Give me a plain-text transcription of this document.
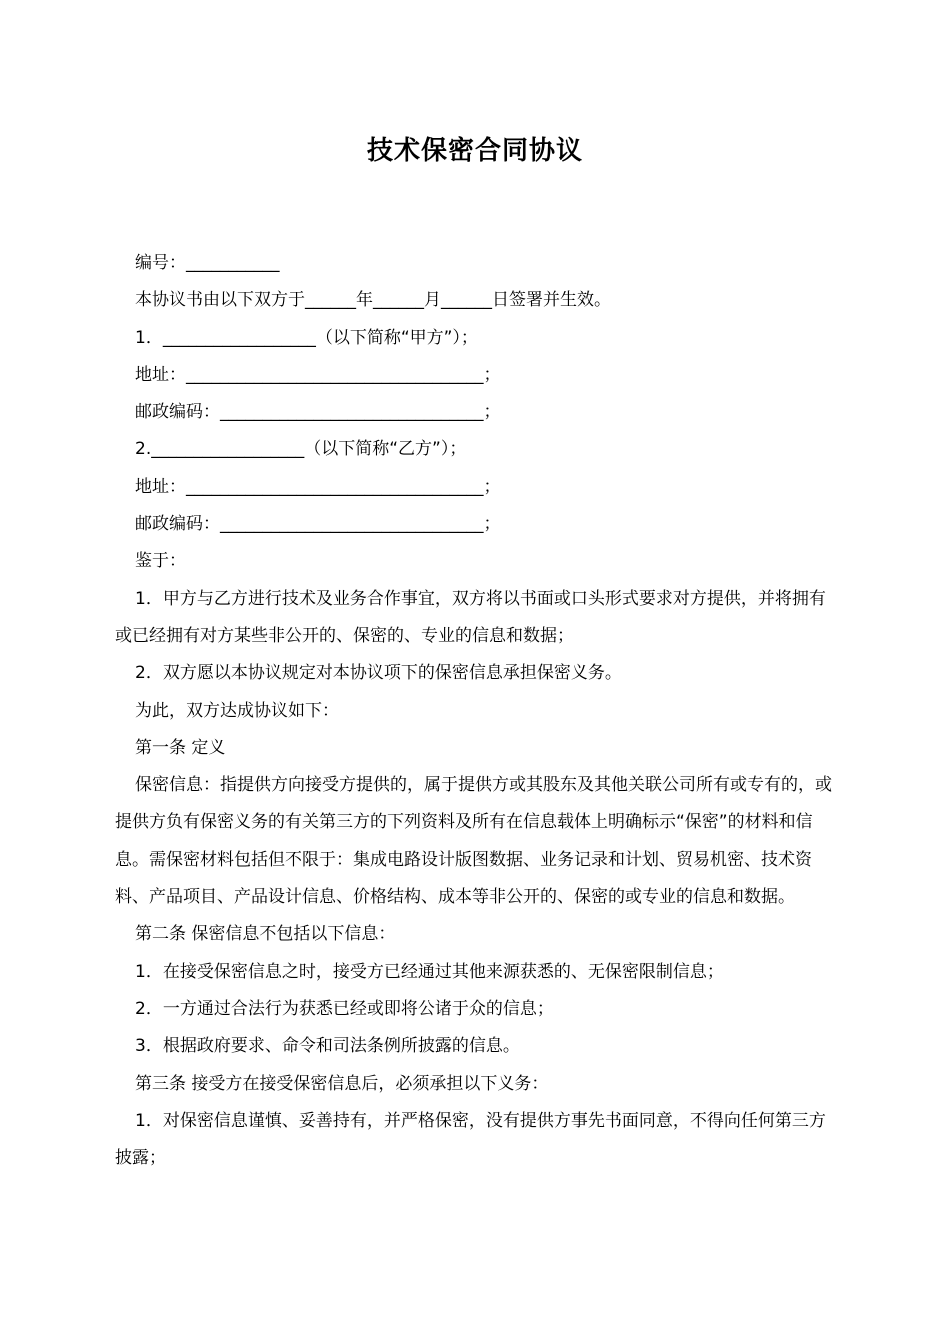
技术保密合同协议

编号：___________

本协议书由以下双方于______年______月______日签署并生效。

1．__________________（以下简称“甲方”）；

地址：___________________________________；

邮政编码：_______________________________；

2.__________________（以下简称“乙方”）；

地址：___________________________________；

邮政编码：_______________________________；

鉴于：

1．甲方与乙方进行技术及业务合作事宜，双方将以书面或口头形式要求对方提供，并将拥有或已经拥有对方某些非公开的、保密的、专业的信息和数据；

2．双方愿以本协议规定对本协议项下的保密信息承担保密义务。

为此，双方达成协议如下：

第一条 定义

保密信息：指提供方向接受方提供的，属于提供方或其股东及其他关联公司所有或专有的，或提供方负有保密义务的有关第三方的下列资料及所有在信息载体上明确标示“保密”的材料和信息。需保密材料包括但不限于：集成电路设计版图数据、业务记录和计划、贸易机密、技术资料、产品项目、产品设计信息、价格结构、成本等非公开的、保密的或专业的信息和数据。

第二条 保密信息不包括以下信息：

1．在接受保密信息之时，接受方已经通过其他来源获悉的、无保密限制信息；

2．一方通过合法行为获悉已经或即将公诸于众的信息；

3．根据政府要求、命令和司法条例所披露的信息。

第三条 接受方在接受保密信息后，必须承担以下义务：

1．对保密信息谨慎、妥善持有，并严格保密，没有提供方事先书面同意，不得向任何第三方披露；
